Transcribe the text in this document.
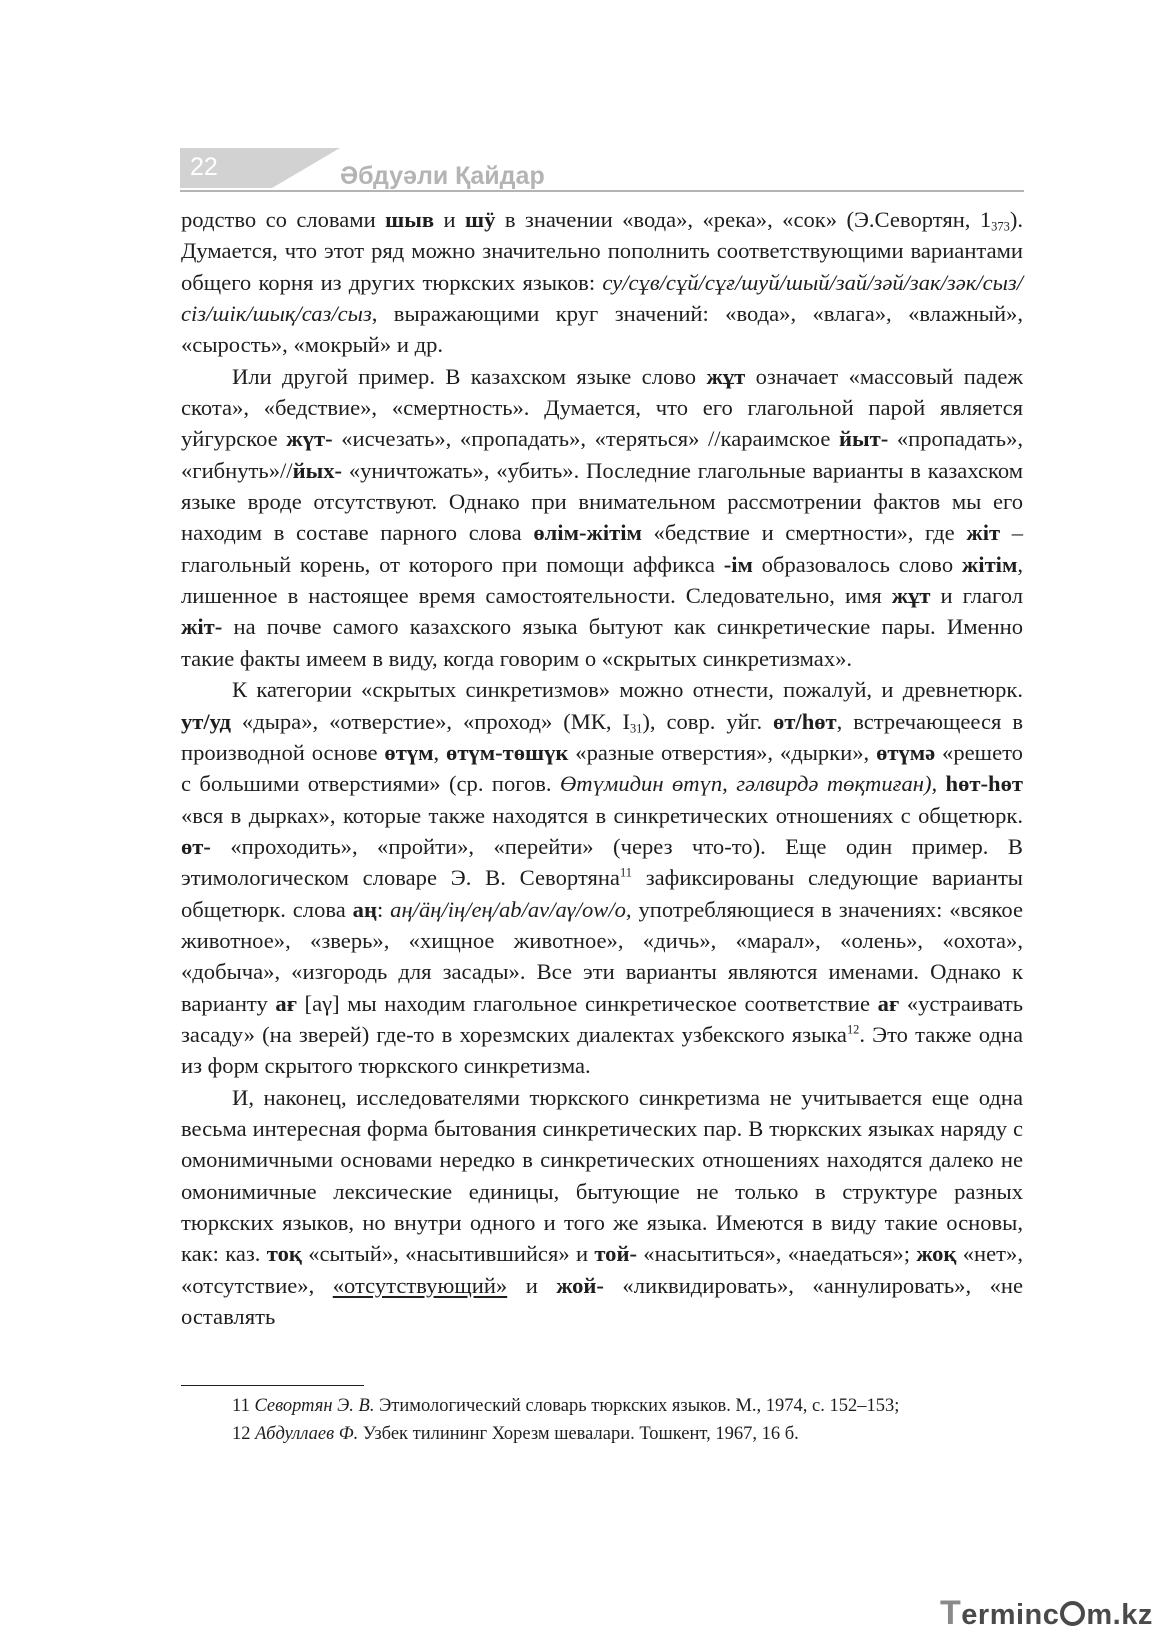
22	Әбдуәли Қайдар

родство со словами шыв и шӱ в значении «вода», «река», «сок» (Э.Севортян, $1_{373}$). Думается, что этот ряд можно значительно пополнить соответствующими вариантами общего корня из других тюркских языков: су/сұв/сұй/сұғ/шуй/шый/зай/зәй/зак/зәк/сыз/сіз/шік/шық/саз/сыз, выражающими круг значений: «вода», «влага», «влажный», «сырость», «мокрый» и др.

Или другой пример. В казахском языке слово жұт означает «массовый падеж скота», «бедствие», «смертность». Думается, что его глагольной парой является уйгурское жүт- «исчезать», «пропадать», «теряться» //караимское йыт- «пропадать», «гибнуть»//йых- «уничтожать», «убить». Последние глагольные варианты в казахском языке вроде отсутствуют. Однако при внимательном рассмотрении фактов мы его находим в составе парного слова өлім-жітім «бедствие и смертности», где жіт – глагольный корень, от которого при помощи аффикса -ім образовалось слово жітім, лишенное в настоящее время самостоятельности. Следовательно, имя жұт и глагол жіт- на почве самого казахского языка бытуют как синкретические пары. Именно такие факты имеем в виду, когда говорим о «скрытых синкретизмах».

К категории «скрытых синкретизмов» можно отнести, пожалуй, и древнетюрк. ут/уд «дыра», «отверстие», «проход» (МК, $I_{31}$), совр. уйг. өт/һөт, встречающееся в производной основе өтүм, өтүм-төшүк «разные отверстия», «дырки», өтүмә «решето с большими отверстиями» (ср. погов. Өтүмидин өтүп, гәлвирдә төқтиған), һөт-һөт «вся в дырках», которые также находятся в синкретических отношениях с общетюрк. өт- «проходить», «пройти», «перейти» (через что-то). Еще один пример. В этимологическом словаре Э. В. Севортяна$^{11}$ зафиксированы следующие варианты общетюрк. слова аң: аң/äң/ің/еӊ/ab/av/aγ/ow/o, употребляющиеся в значениях: «всякое животное», «зверь», «хищное животное», «дичь», «марал», «олень», «охота», «добыча», «изгородь для засады». Все эти варианты являются именами. Однако к варианту ағ [aγ] мы находим глагольное синкретическое соответствие ағ «устраивать засаду» (на зверей) где-то в хорезмских диалектах узбекского языка$^{12}$. Это также одна из форм скрытого тюркского синкретизма.

И, наконец, исследователями тюркского синкретизма не учитывается еще одна весьма интересная форма бытования синкретических пар. В тюркских языках наряду с омонимичными основами нередко в синкретических отношениях находятся далеко не омонимичные лексические единицы, бытующие не только в структуре разных тюркских языков, но внутри одного и того же языка. Имеются в виду такие основы, как: каз. тоқ «сытый», «насытившийся» и той- «насытиться», «наедаться»; жоқ «нет», «отсутствие», «отсутствующий» и жой- «ликвидировать», «аннулировать», «не оставлять

11 Севортян Э. В. Этимологический словарь тюркских языков. М., 1974, с. 152–153;
12 Абдуллаев Ф. Узбек тилининг Хорезм шевалари. Тошкент, 1967, 16 б.
Terminc m.kz
